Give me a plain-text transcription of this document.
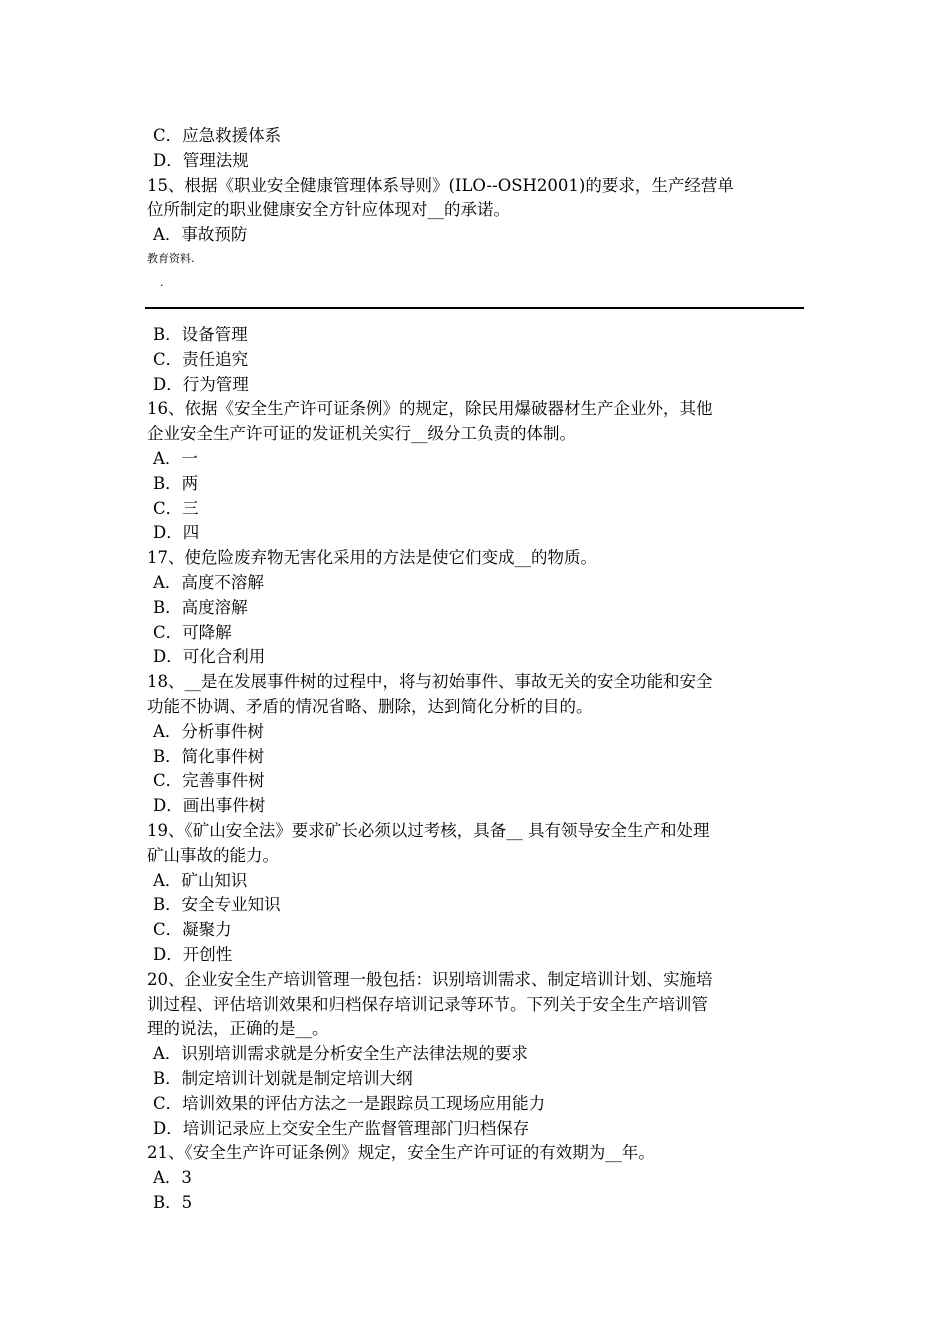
C．应急救援体系
D．管理法规
15、根据《职业安全健康管理体系导则》(ILO--OSH2001)的要求，生产经营单
位所制定的职业健康安全方针应体现对__的承诺。
A．事故预防
教育资料.
.
B．设备管理
C．责任追究
D．行为管理
16、依据《安全生产许可证条例》的规定，除民用爆破器材生产企业外，其他
企业安全生产许可证的发证机关实行__级分工负责的体制。
A．一
B．两
C．三
D．四
17、使危险废弃物无害化采用的方法是使它们变成__的物质。
A．高度不溶解
B．高度溶解
C．可降解
D．可化合利用
18、__是在发展事件树的过程中，将与初始事件、事故无关的安全功能和安全
功能不协调、矛盾的情况省略、删除，达到简化分析的目的。
A．分析事件树
B．简化事件树
C．完善事件树
D．画出事件树
19、《矿山安全法》要求矿长必须以过考核，具备__ 具有领导安全生产和处理
矿山事故的能力。
A．矿山知识
B．安全专业知识
C．凝聚力
D．开创性
20、企业安全生产培训管理一般包括：识别培训需求、制定培训计划、实施培
训过程、评估培训效果和归档保存培训记录等环节。下列关于安全生产培训管
理的说法，正确的是__。
A．识别培训需求就是分析安全生产法律法规的要求
B．制定培训计划就是制定培训大纲
C．培训效果的评估方法之一是跟踪员工现场应用能力
D．培训记录应上交安全生产监督管理部门归档保存
21、《安全生产许可证条例》规定，安全生产许可证的有效期为__年。
A．3
B．5
